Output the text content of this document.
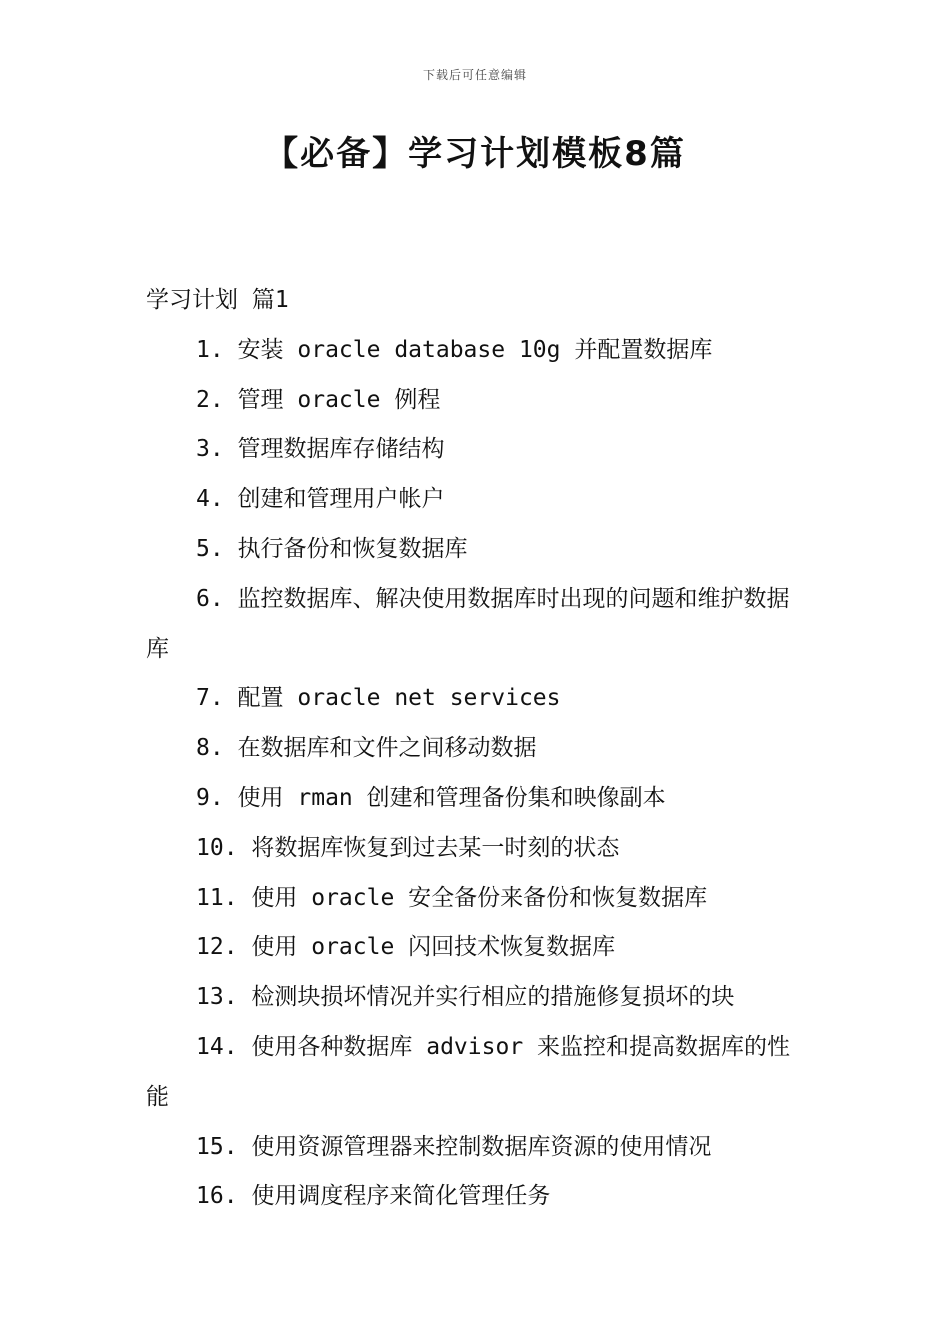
下载后可任意编辑
【必备】学习计划模板8篇
学习计划 篇1
1. 安装 oracle database 10g 并配置数据库
2. 管理 oracle 例程
3. 管理数据库存储结构
4. 创建和管理用户帐户
5. 执行备份和恢复数据库
6. 监控数据库、解决使用数据库时出现的问题和维护数据库
7. 配置 oracle net services
8. 在数据库和文件之间移动数据
9. 使用 rman 创建和管理备份集和映像副本
10. 将数据库恢复到过去某一时刻的状态
11. 使用 oracle 安全备份来备份和恢复数据库
12. 使用 oracle 闪回技术恢复数据库
13. 检测块损坏情况并实行相应的措施修复损坏的块
14. 使用各种数据库 advisor 来监控和提高数据库的性能
15. 使用资源管理器来控制数据库资源的使用情况
16. 使用调度程序来简化管理任务
